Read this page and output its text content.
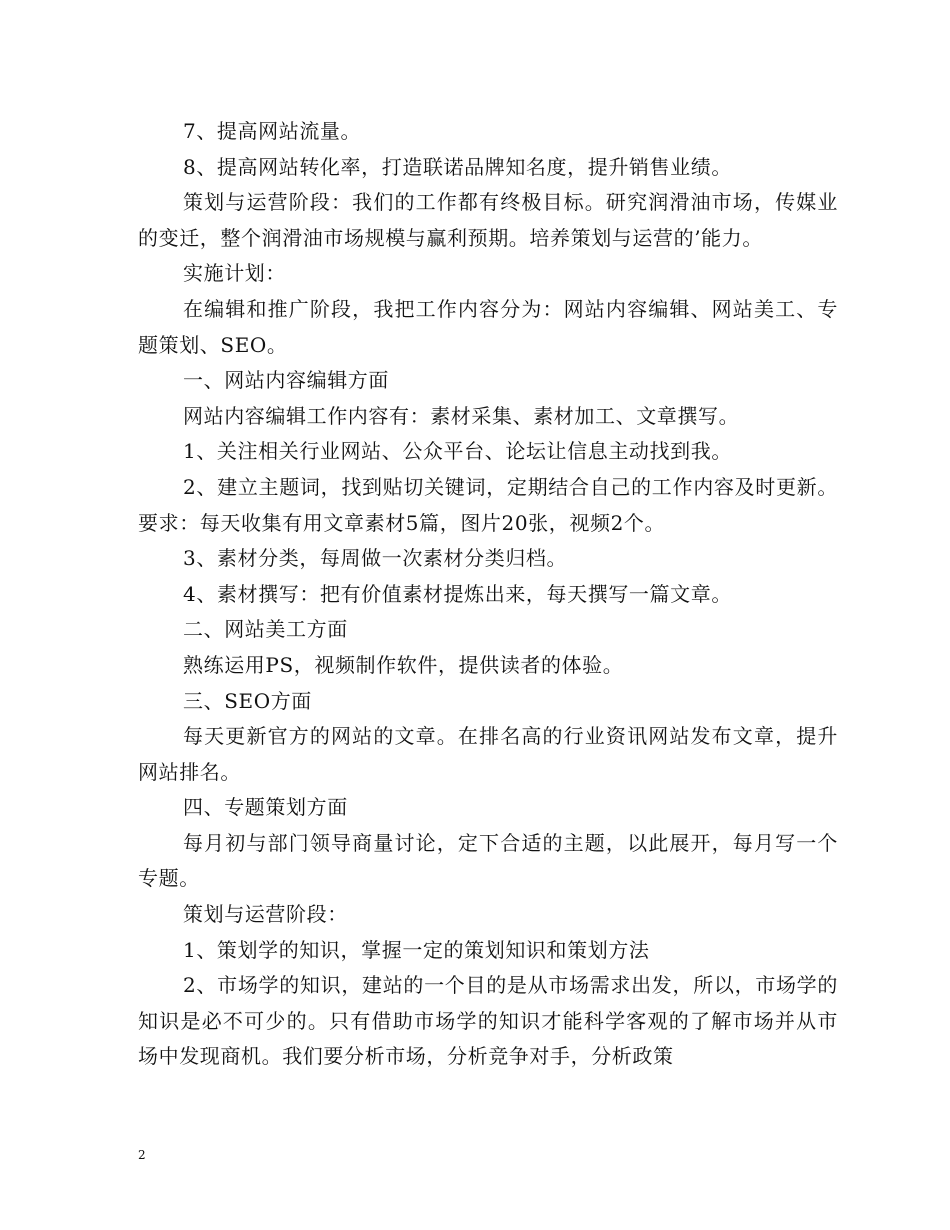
7、提高网站流量。

8、提高网站转化率，打造联诺品牌知名度，提升销售业绩。

策划与运营阶段：我们的工作都有终极目标。研究润滑油市场，传媒业的变迁，整个润滑油市场规模与赢利预期。培养策划与运营的’能力。

实施计划：

在编辑和推广阶段，我把工作内容分为：网站内容编辑、网站美工、专题策划、SEO。

一、网站内容编辑方面

网站内容编辑工作内容有：素材采集、素材加工、文章撰写。

1、关注相关行业网站、公众平台、论坛让信息主动找到我。

2、建立主题词，找到贴切关键词，定期结合自己的工作内容及时更新。要求：每天收集有用文章素材5篇，图片20张，视频2个。

3、素材分类，每周做一次素材分类归档。

4、素材撰写：把有价值素材提炼出来，每天撰写一篇文章。

二、网站美工方面

熟练运用PS，视频制作软件，提供读者的体验。

三、SEO方面

每天更新官方的网站的文章。在排名高的行业资讯网站发布文章，提升网站排名。

四、专题策划方面

每月初与部门领导商量讨论，定下合适的主题，以此展开，每月写一个专题。

策划与运营阶段：

1、策划学的知识，掌握一定的策划知识和策划方法

2、市场学的知识，建站的一个目的是从市场需求出发，所以，市场学的知识是必不可少的。只有借助市场学的知识才能科学客观的了解市场并从市场中发现商机。我们要分析市场，分析竞争对手，分析政策

2
